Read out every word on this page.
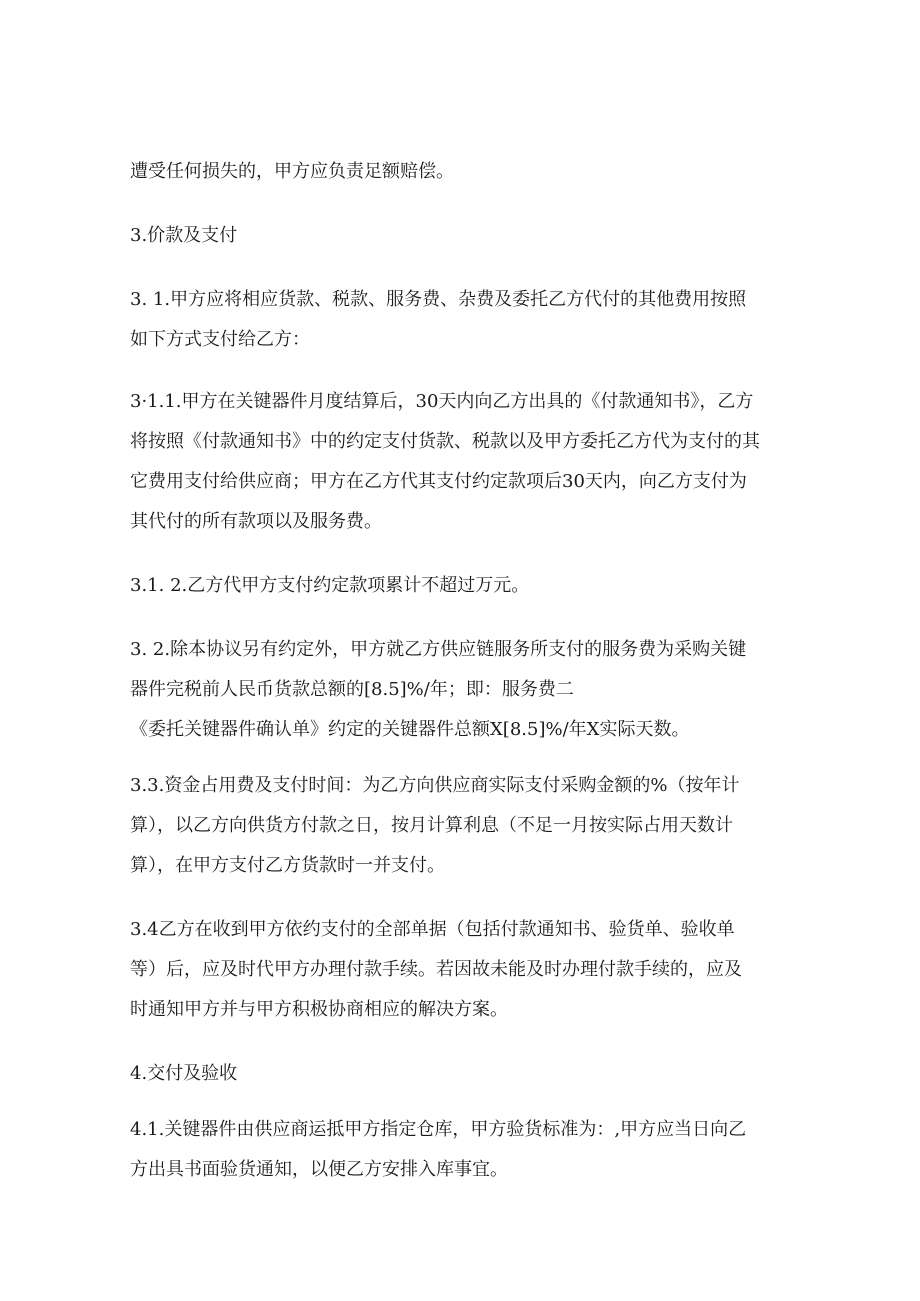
遭受任何损失的，甲方应负责足额赔偿。

3.价款及支付

3. 1.甲方应将相应货款、税款、服务费、杂费及委托乙方代付的其他费用按照
如下方式支付给乙方：

3·1.1.甲方在关键器件月度结算后，30天内向乙方出具的《付款通知书》，乙方
将按照《付款通知书》中的约定支付货款、税款以及甲方委托乙方代为支付的其
它费用支付给供应商；甲方在乙方代其支付约定款项后30天内，向乙方支付为
其代付的所有款项以及服务费。

3.1. 2.乙方代甲方支付约定款项累计不超过万元。

3. 2.除本协议另有约定外，甲方就乙方供应链服务所支付的服务费为采购关键
器件完税前人民币货款总额的[8.5]%/年；即：服务费二
《委托关键器件确认单》约定的关键器件总额X[8.5]%/年X实际天数。

3.3.资金占用费及支付时间：为乙方向供应商实际支付采购金额的%（按年计
算），以乙方向供货方付款之日，按月计算利息（不足一月按实际占用天数计
算），在甲方支付乙方货款时一并支付。

3.4乙方在收到甲方依约支付的全部单据（包括付款通知书、验货单、验收单
等）后，应及时代甲方办理付款手续。若因故未能及时办理付款手续的，应及
时通知甲方并与甲方积极协商相应的解决方案。

4.交付及验收

4.1.关键器件由供应商运抵甲方指定仓库，甲方验货标准为：,甲方应当日向乙
方出具书面验货通知，以便乙方安排入库事宜。
